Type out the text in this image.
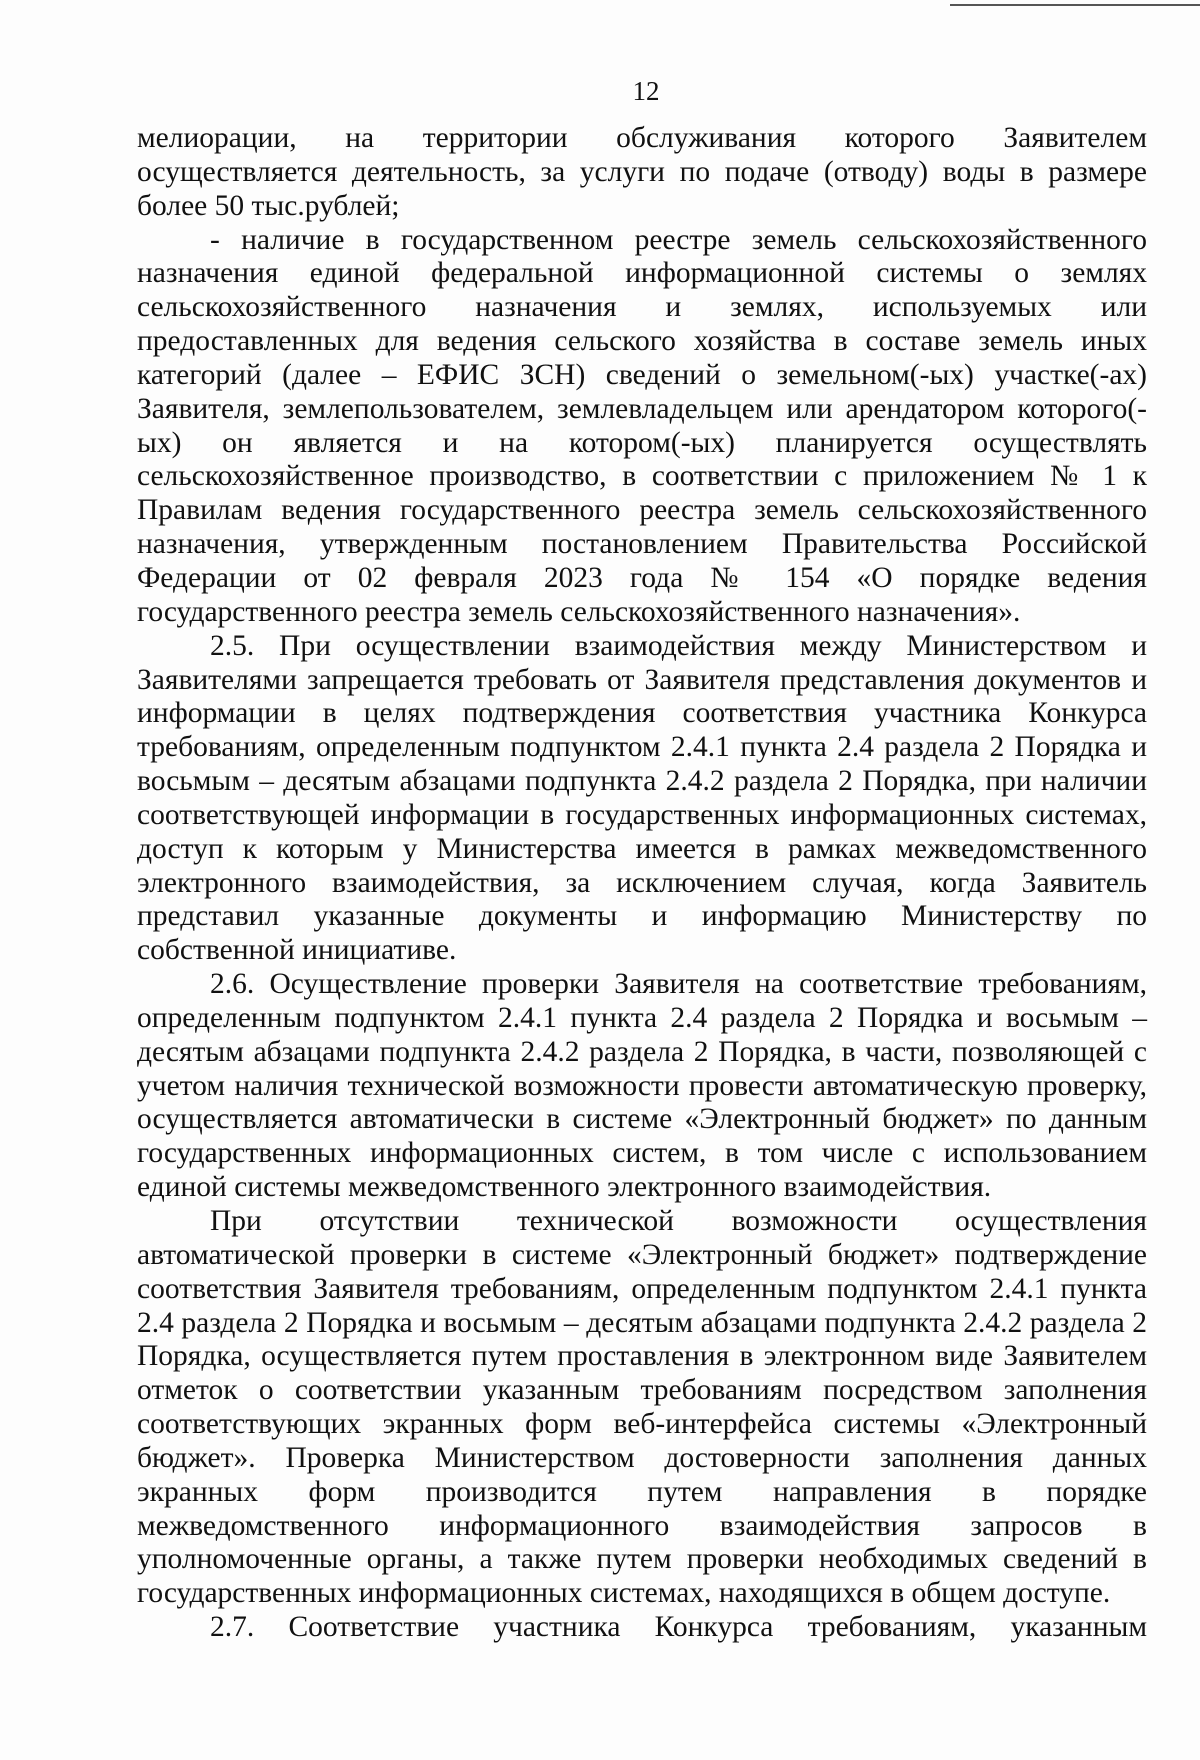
12

мелиорации, на территории обслуживания которого Заявителем осуществляется деятельность, за услуги по подаче (отводу) воды в размере более 50 тыс.рублей;

- наличие в государственном реестре земель сельскохозяйственного назначения единой федеральной информационной системы о землях сельскохозяйственного назначения и землях, используемых или предоставленных для ведения сельского хозяйства в составе земель иных категорий (далее – ЕФИС ЗСН) сведений о земельном(-ых) участке(-ах) Заявителя, землепользователем, землевладельцем или арендатором которого(-ых) он является и на котором(-ых) планируется осуществлять сельскохозяйственное производство, в соответствии с приложением № 1 к Правилам ведения государственного реестра земель сельскохозяйственного назначения, утвержденным постановлением Правительства Российской Федерации от 02 февраля 2023 года № 154 «О порядке ведения государственного реестра земель сельскохозяйственного назначения».

2.5. При осуществлении взаимодействия между Министерством и Заявителями запрещается требовать от Заявителя представления документов и информации в целях подтверждения соответствия участника Конкурса требованиям, определенным подпунктом 2.4.1 пункта 2.4 раздела 2 Порядка и восьмым – десятым абзацами подпункта 2.4.2 раздела 2 Порядка, при наличии соответствующей информации в государственных информационных системах, доступ к которым у Министерства имеется в рамках межведомственного электронного взаимодействия, за исключением случая, когда Заявитель представил указанные документы и информацию Министерству по собственной инициативе.

2.6. Осуществление проверки Заявителя на соответствие требованиям, определенным подпунктом 2.4.1 пункта 2.4 раздела 2 Порядка и восьмым – десятым абзацами подпункта 2.4.2 раздела 2 Порядка, в части, позволяющей с учетом наличия технической возможности провести автоматическую проверку, осуществляется автоматически в системе «Электронный бюджет» по данным государственных информационных систем, в том числе с использованием единой системы межведомственного электронного взаимодействия.

При отсутствии технической возможности осуществления автоматической проверки в системе «Электронный бюджет» подтверждение соответствия Заявителя требованиям, определенным подпунктом 2.4.1 пункта 2.4 раздела 2 Порядка и восьмым – десятым абзацами подпункта 2.4.2 раздела 2 Порядка, осуществляется путем проставления в электронном виде Заявителем отметок о соответствии указанным требованиям посредством заполнения соответствующих экранных форм веб-интерфейса системы «Электронный бюджет». Проверка Министерством достоверности заполнения данных экранных форм производится путем направления в порядке межведомственного информационного взаимодействия запросов в уполномоченные органы, а также путем проверки необходимых сведений в государственных информационных системах, находящихся в общем доступе.

2.7. Соответствие участника Конкурса требованиям, указанным
